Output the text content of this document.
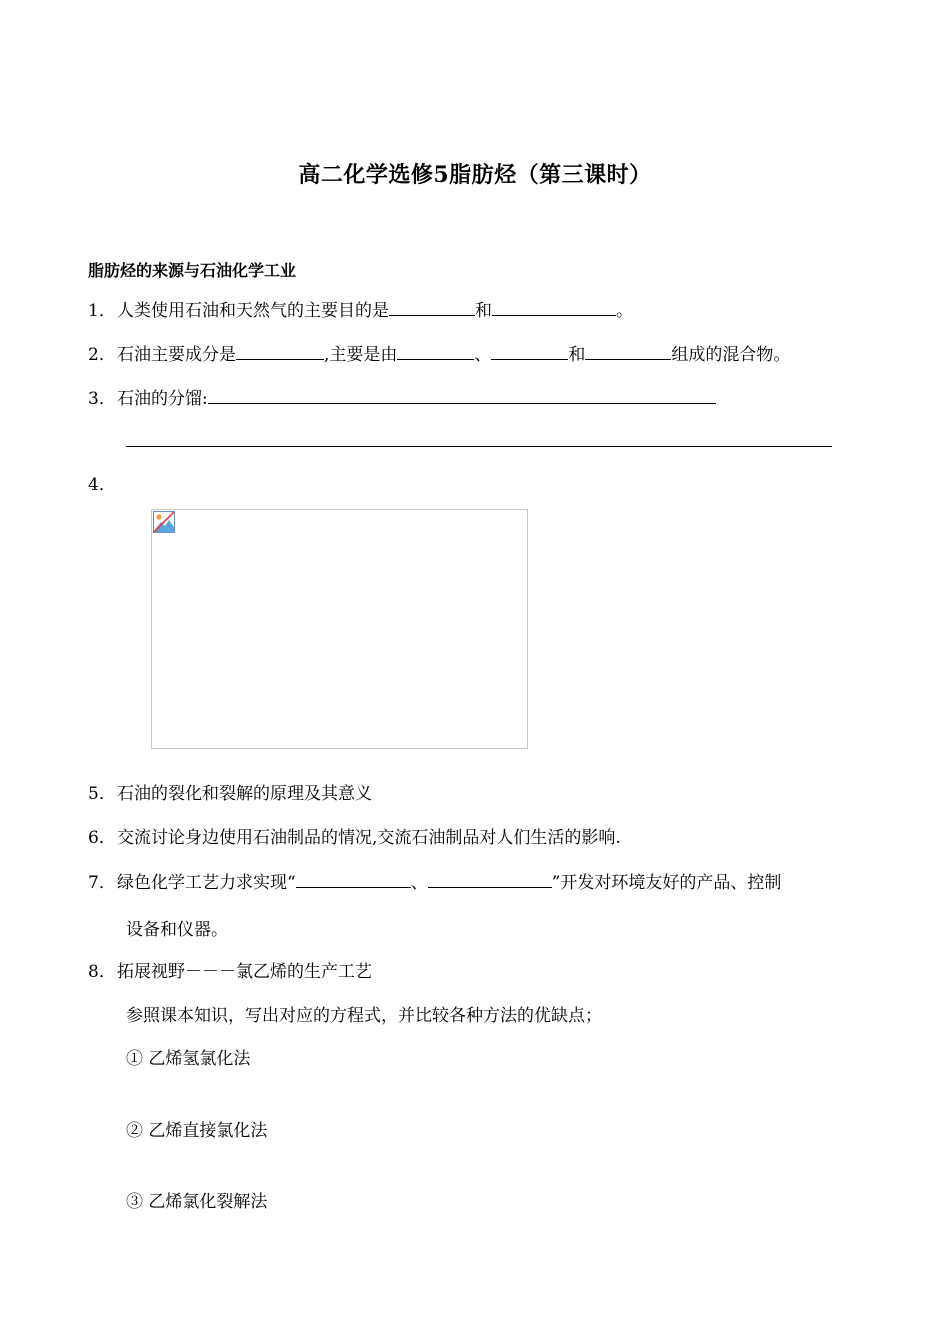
高二化学选修5脂肪烃（第三课时）
脂肪烃的来源与石油化学工业
1．人类使用石油和天然气的主要目的是	和	。
2．石油主要成分是	,主要是由	、	和	组成的混合物。
3．石油的分馏:
4．
5．石油的裂化和裂解的原理及其意义
6．交流讨论身边使用石油制品的情况,交流石油制品对人们生活的影响.
7．绿色化学工艺力求实现“	、	”开发对环境友好的产品、控制
设备和仪器。
8．拓展视野－－－氯乙烯的生产工艺
参照课本知识，写出对应的方程式，并比较各种方法的优缺点；
① 乙烯氢氯化法
② 乙烯直接氯化法
③ 乙烯氯化裂解法
